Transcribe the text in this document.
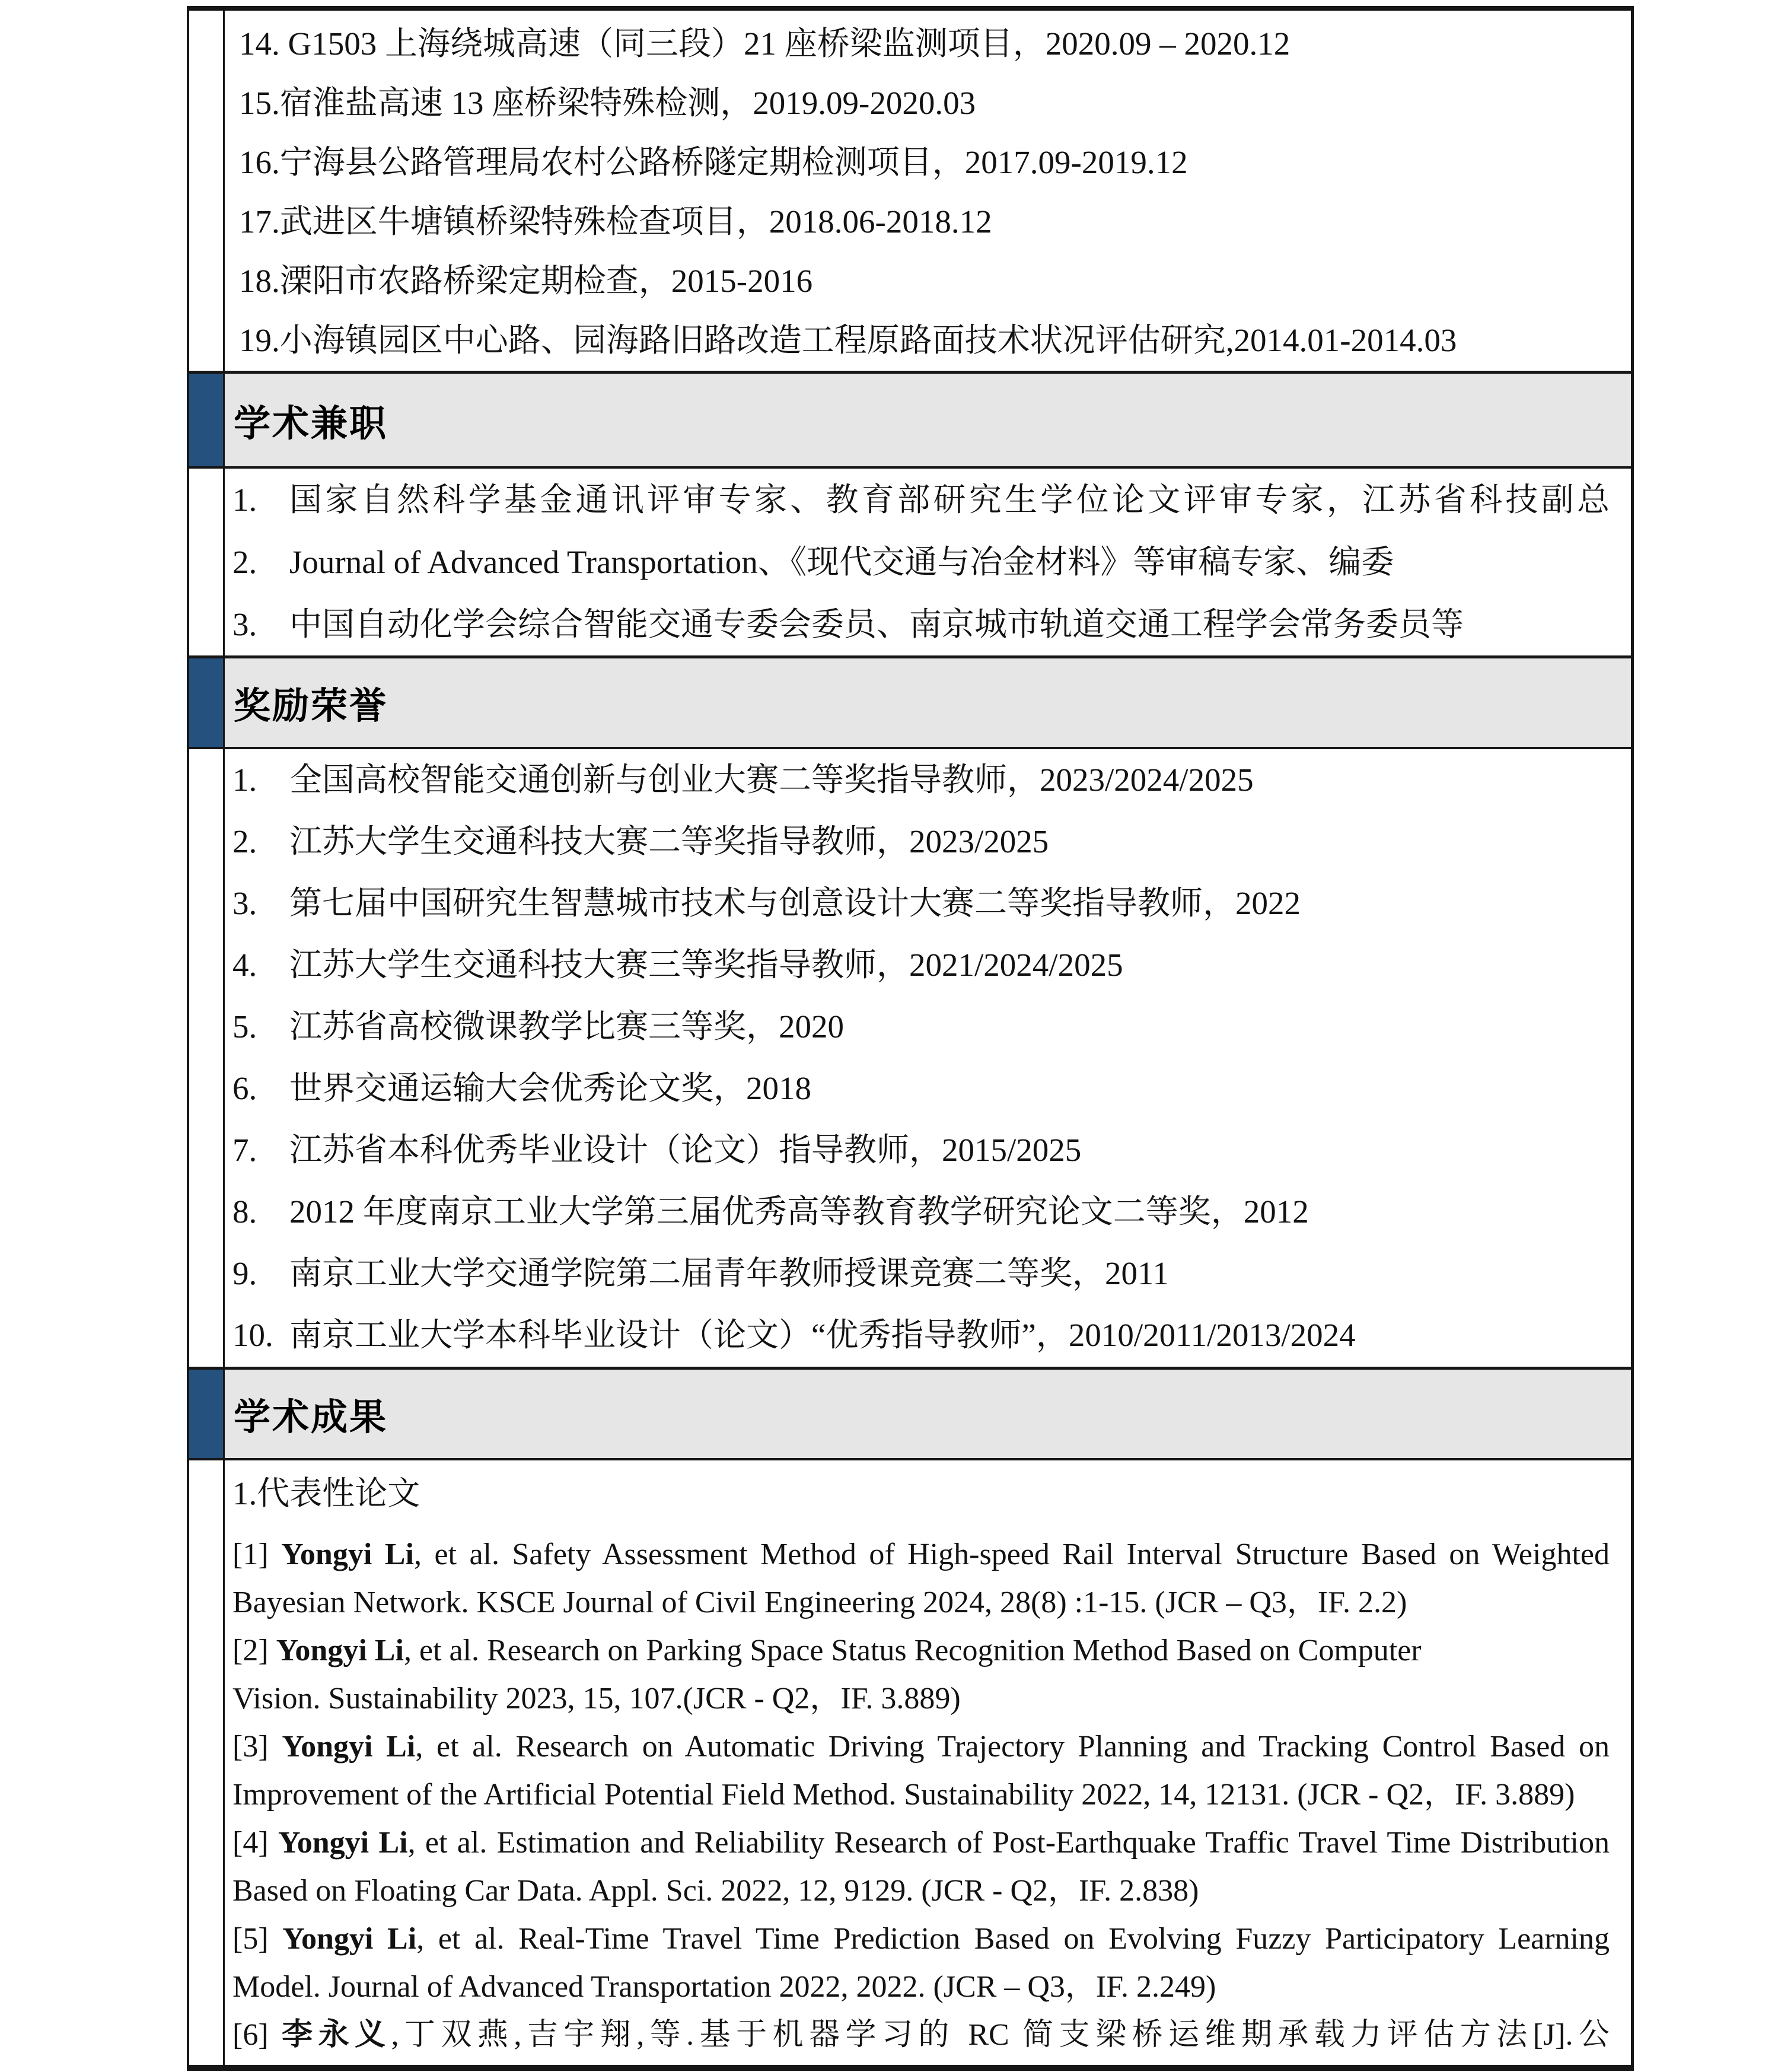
14. G1503 上海绕城高速（同三段）21 座桥梁监测项目，2020.09 – 2020.12
15.宿淮盐高速 13 座桥梁特殊检测，2019.09-2020.03
16.宁海县公路管理局农村公路桥隧定期检测项目，2017.09-2019.12
17.武进区牛塘镇桥梁特殊检查项目，2018.06-2018.12
18.溧阳市农路桥梁定期检查，2015-2016
19.小海镇园区中心路、园海路旧路改造工程原路面技术状况评估研究,2014.01-2014.03
学术兼职
1. 国家自然科学基金通讯评审专家、教育部研究生学位论文评审专家，江苏省科技副总
2. Journal of Advanced Transportation、《现代交通与冶金材料》等审稿专家、编委
3. 中国自动化学会综合智能交通专委会委员、南京城市轨道交通工程学会常务委员等
奖励荣誉
1. 全国高校智能交通创新与创业大赛二等奖指导教师，2023/2024/2025
2. 江苏大学生交通科技大赛二等奖指导教师，2023/2025
3. 第七届中国研究生智慧城市技术与创意设计大赛二等奖指导教师，2022
4. 江苏大学生交通科技大赛三等奖指导教师，2021/2024/2025
5. 江苏省高校微课教学比赛三等奖，2020
6. 世界交通运输大会优秀论文奖，2018
7. 江苏省本科优秀毕业设计（论文）指导教师，2015/2025
8. 2012 年度南京工业大学第三届优秀高等教育教学研究论文二等奖，2012
9. 南京工业大学交通学院第二届青年教师授课竞赛二等奖，2011
10. 南京工业大学本科毕业设计（论文）“优秀指导教师”，2010/2011/2013/2024
学术成果
1.代表性论文
[1] Yongyi Li, et al. Safety Assessment Method of High-speed Rail Interval Structure Based on Weighted
Bayesian Network. KSCE Journal of Civil Engineering 2024, 28(8) :1-15. (JCR – Q3，IF. 2.2)
[2] Yongyi Li, et al. Research on Parking Space Status Recognition Method Based on Computer
Vision. Sustainability 2023, 15, 107.(JCR - Q2，IF. 3.889)
[3] Yongyi Li, et al. Research on Automatic Driving Trajectory Planning and Tracking Control Based on
Improvement of the Artificial Potential Field Method. Sustainability 2022, 14, 12131. (JCR - Q2，IF. 3.889)
[4] Yongyi Li, et al. Estimation and Reliability Research of Post-Earthquake Traffic Travel Time Distribution
Based on Floating Car Data. Appl. Sci. 2022, 12, 9129. (JCR - Q2，IF. 2.838)
[5] Yongyi Li, et al. Real-Time Travel Time Prediction Based on Evolving Fuzzy Participatory Learning
Model. Journal of Advanced Transportation 2022, 2022. (JCR – Q3，IF. 2.249)
[6] 李永义,丁双燕,吉宇翔,等.基于机器学习的 RC 简支梁桥运维期承载力评估方法[J].公
